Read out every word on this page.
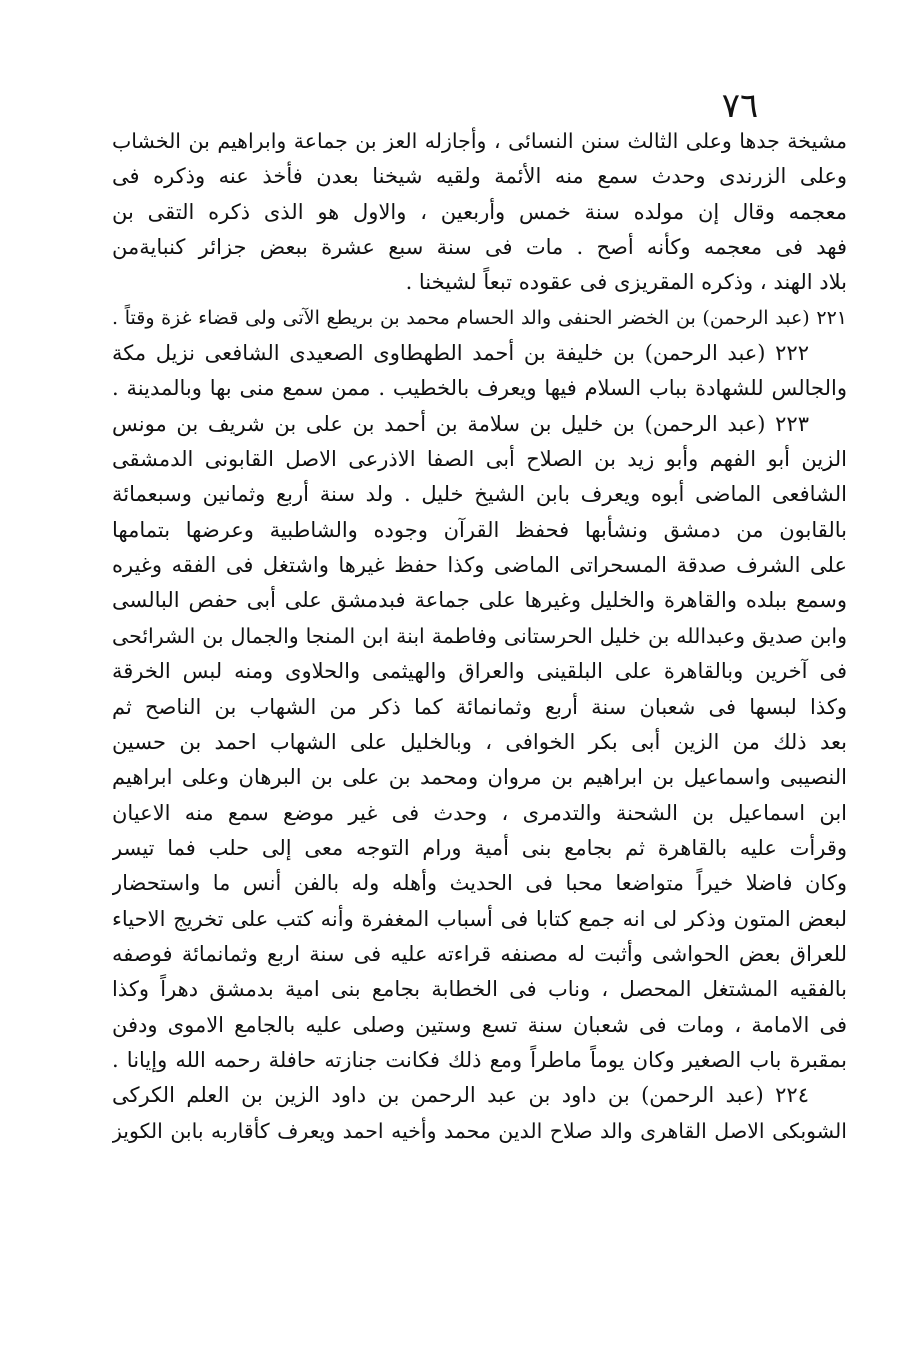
٧٦
مشيخة جدها وعلى الثالث سنن النسائى ، وأجازله العز بن جماعة وابراهيم بن الخشاب
وعلى الزرندى وحدث سمع منه الأئمة ولقيه شيخنا بعدن فأخذ عنه وذكره فى
معجمه وقال إن مولده سنة خمس وأربعين ، والاول هو الذى ذكره التقى بن
فهد فى معجمه وكأنه أصح . مات فى سنة سبع عشرة ببعض جزائر كنبايةمن
بلاد الهند ، وذكره المقريزى فى عقوده تبعاً لشيخنا .
٢٢١ (عبد الرحمن) بن الخضر الحنفى والد الحسام محمد بن بريطع الآتى ولى قضاء غزة وقتاً .
٢٢٢ (عبد الرحمن) بن خليفة بن أحمد الطهطاوى الصعيدى الشافعى نزيل مكة
والجالس للشهادة بباب السلام فيها ويعرف بالخطيب . ممن سمع منى بها وبالمدينة .
٢٢٣ (عبد الرحمن) بن خليل بن سلامة بن أحمد بن على بن شريف بن مونس
الزين أبو الفهم وأبو زيد بن الصلاح أبى الصفا الاذرعى الاصل القابونى الدمشقى
الشافعى الماضى أبوه ويعرف بابن الشيخ خليل . ولد سنة أربع وثمانين وسبعمائة
بالقابون من دمشق ونشأبها فحفظ القرآن وجوده والشاطبية وعرضها بتمامها
على الشرف صدقة المسحراتى الماضى وكذا حفظ غيرها واشتغل فى الفقه وغيره
وسمع ببلده والقاهرة والخليل وغيرها على جماعة فبدمشق على أبى حفص البالسى
وابن صديق وعبدالله بن خليل الحرستانى وفاطمة ابنة ابن المنجا والجمال بن الشرائحى
فى آخرين وبالقاهرة على البلقينى والعراق والهيثمى والحلاوى ومنه لبس الخرقة
وكذا لبسها فى شعبان سنة أربع وثمانمائة كما ذكر من الشهاب بن الناصح ثم
بعد ذلك من الزين أبى بكر الخوافى ، وبالخليل على الشهاب احمد بن حسين
النصيبى واسماعيل بن ابراهيم بن مروان ومحمد بن على بن البرهان وعلى ابراهيم
ابن اسماعيل بن الشحنة والتدمرى ، وحدث فى غير موضع سمع منه الاعيان
وقرأت عليه بالقاهرة ثم بجامع بنى أمية ورام التوجه معى إلى حلب فما تيسر
وكان فاضلا خيراً متواضعا محبا فى الحديث وأهله وله بالفن أنس ما واستحضار
لبعض المتون وذكر لى انه جمع كتابا فى أسباب المغفرة وأنه كتب على تخريج الاحياء
للعراق بعض الحواشى وأثبت له مصنفه قراءته عليه فى سنة اربع وثمانمائة فوصفه
بالفقيه المشتغل المحصل ، وناب فى الخطابة بجامع بنى امية بدمشق دهراً وكذا
فى الامامة ، ومات فى شعبان سنة تسع وستين وصلى عليه بالجامع الاموى ودفن
بمقبرة باب الصغير وكان يوماً ماطراً ومع ذلك فكانت جنازته حافلة رحمه الله وإيانا .
٢٢٤ (عبد الرحمن) بن داود بن عبد الرحمن بن داود الزين بن العلم الكركى
الشوبكى الاصل القاهرى والد صلاح الدين محمد وأخيه احمد ويعرف كأقاربه بابن الكويز
